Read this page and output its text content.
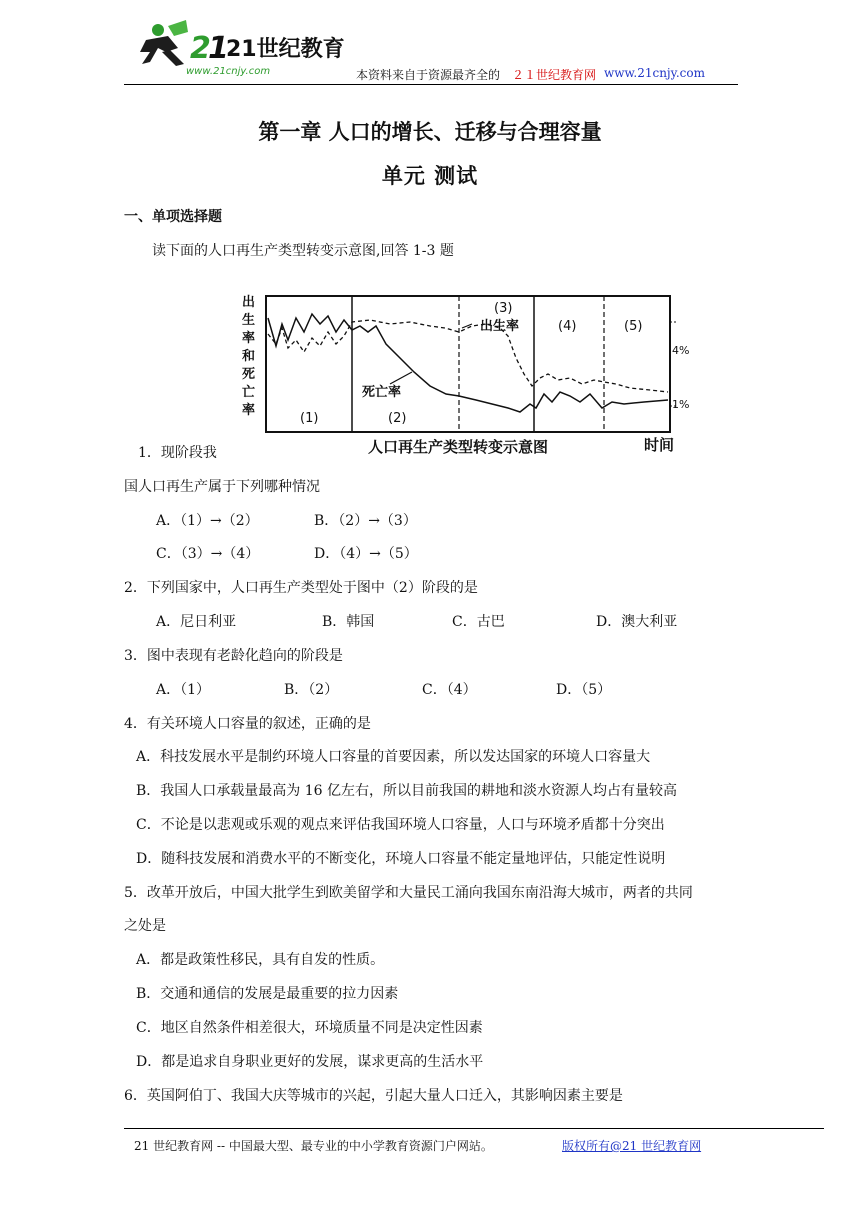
2
1
21世纪教育
www.21cnjy.com	本资料来自于资源最齐全的 ２１世纪教育网 www.21cnjy.com
第一章 人口的增长、迁移与合理容量
单元 测试
一、单项选择题
读下面的人口再生产类型转变示意图,回答 1-3 题
出
生
率
和
死
亡
率
(1)	(2)
(3)
(4)	(5)
出生率
死亡率
4%
1%
人口再生产类型转变示意图	时间
1．现阶段我
国人口再生产属于下列哪种情况
A．（1）→（2）	B．（2）→（3）
C．（3）→（4）	D．（4）→（5）
2．下列国家中，人口再生产类型处于图中（2）阶段的是
A．尼日利亚	B．韩国	C．古巴	D．澳大利亚
3．图中表现有老龄化趋向的阶段是
A．（1）	B．（2）	C．（4）	D．（5）
4．有关环境人口容量的叙述，正确的是
A．科技发展水平是制约环境人口容量的首要因素，所以发达国家的环境人口容量大
B．我国人口承载量最高为 16 亿左右，所以目前我国的耕地和淡水资源人均占有量较高
C．不论是以悲观或乐观的观点来评估我国环境人口容量，人口与环境矛盾都十分突出
D．随科技发展和消费水平的不断变化，环境人口容量不能定量地评估，只能定性说明
5．改革开放后，中国大批学生到欧美留学和大量民工涌向我国东南沿海大城市，两者的共同
之处是
A．都是政策性移民，具有自发的性质。
B．交通和通信的发展是最重要的拉力因素
C．地区自然条件相差很大，环境质量不同是决定性因素
D．都是追求自身职业更好的发展，谋求更高的生活水平
6．英国阿伯丁、我国大庆等城市的兴起，引起大量人口迁入，其影响因素主要是
21 世纪教育网 -- 中国最大型、最专业的中小学教育资源门户网站。	版权所有@21 世纪教育网
